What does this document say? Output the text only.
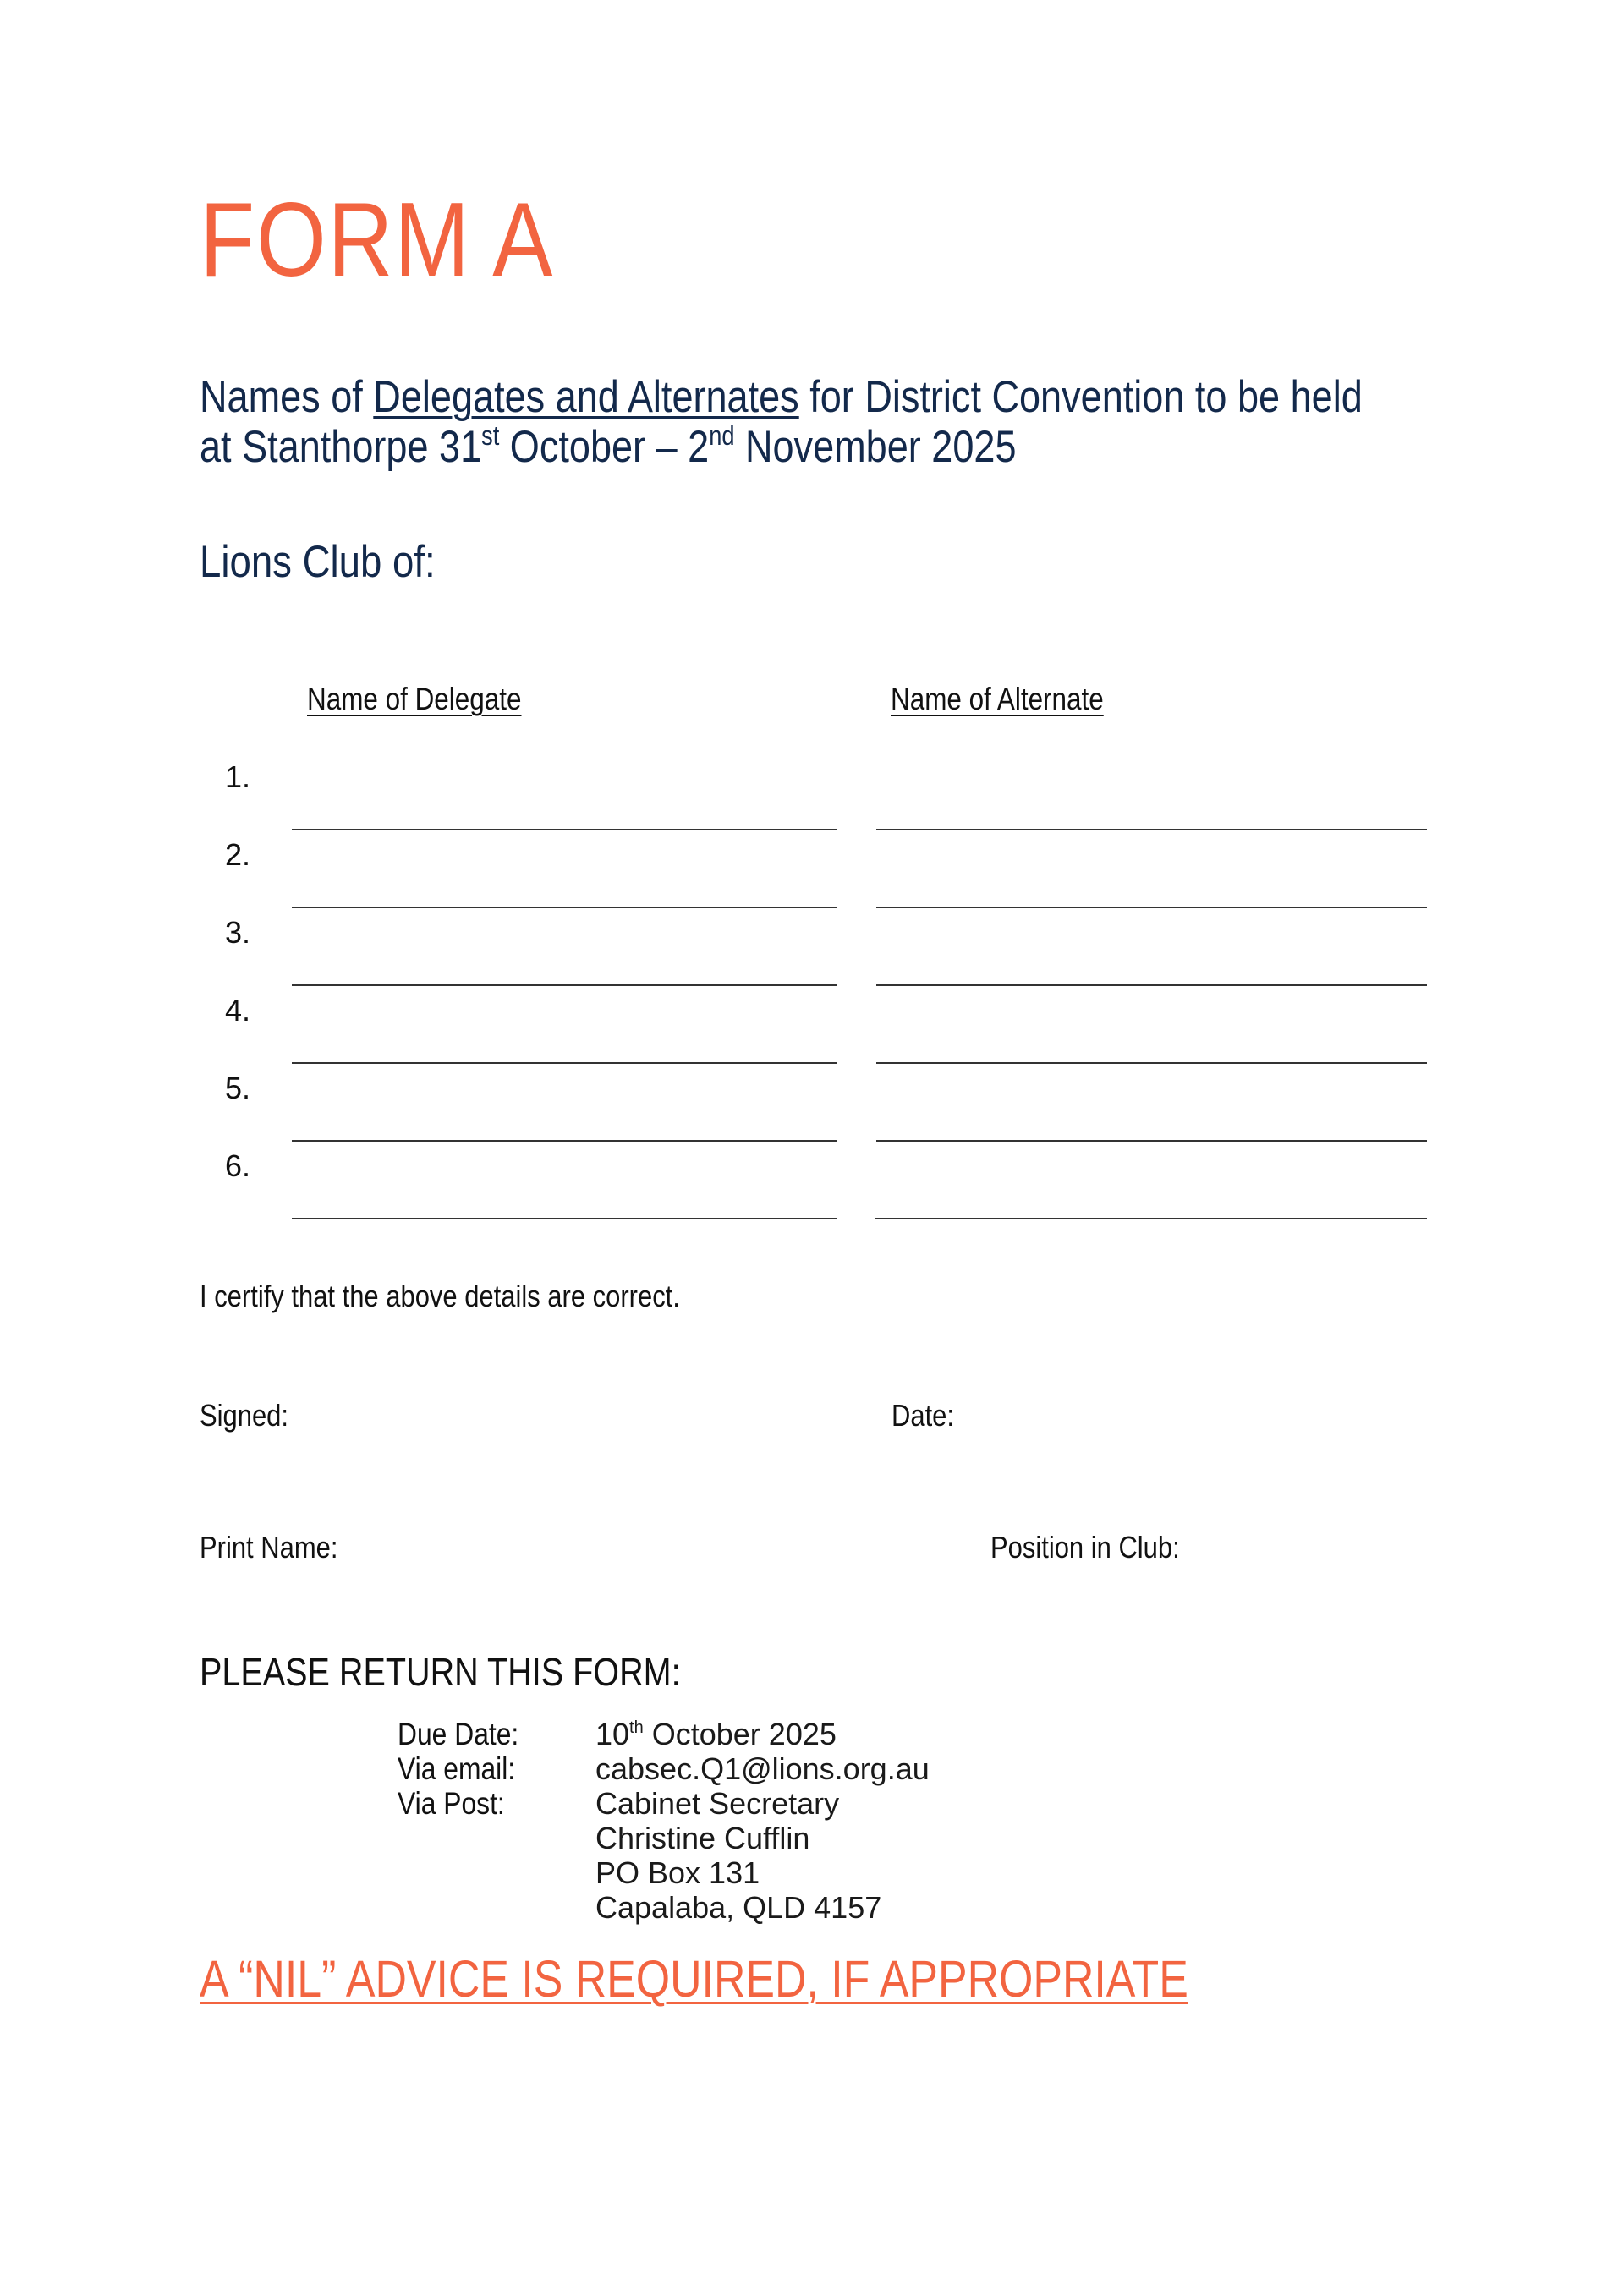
FORM A
Names of Delegates and Alternates for District Convention to be held
at Stanthorpe 31st October – 2nd November 2025
Lions Club of:
Name of Delegate	Name of Alternate
1.
2.
3.
4.
5.
6.
I certify that the above details are correct.
Signed:	Date:
Print Name:	Position in Club:
PLEASE RETURN THIS FORM:
Due Date:	10th October 2025
Via email:	cabsec.Q1@lions.org.au
Via Post:	Cabinet Secretary
Christine Cufflin
PO Box 131
Capalaba, QLD 4157
A “NIL” ADVICE IS REQUIRED, IF APPROPRIATE
